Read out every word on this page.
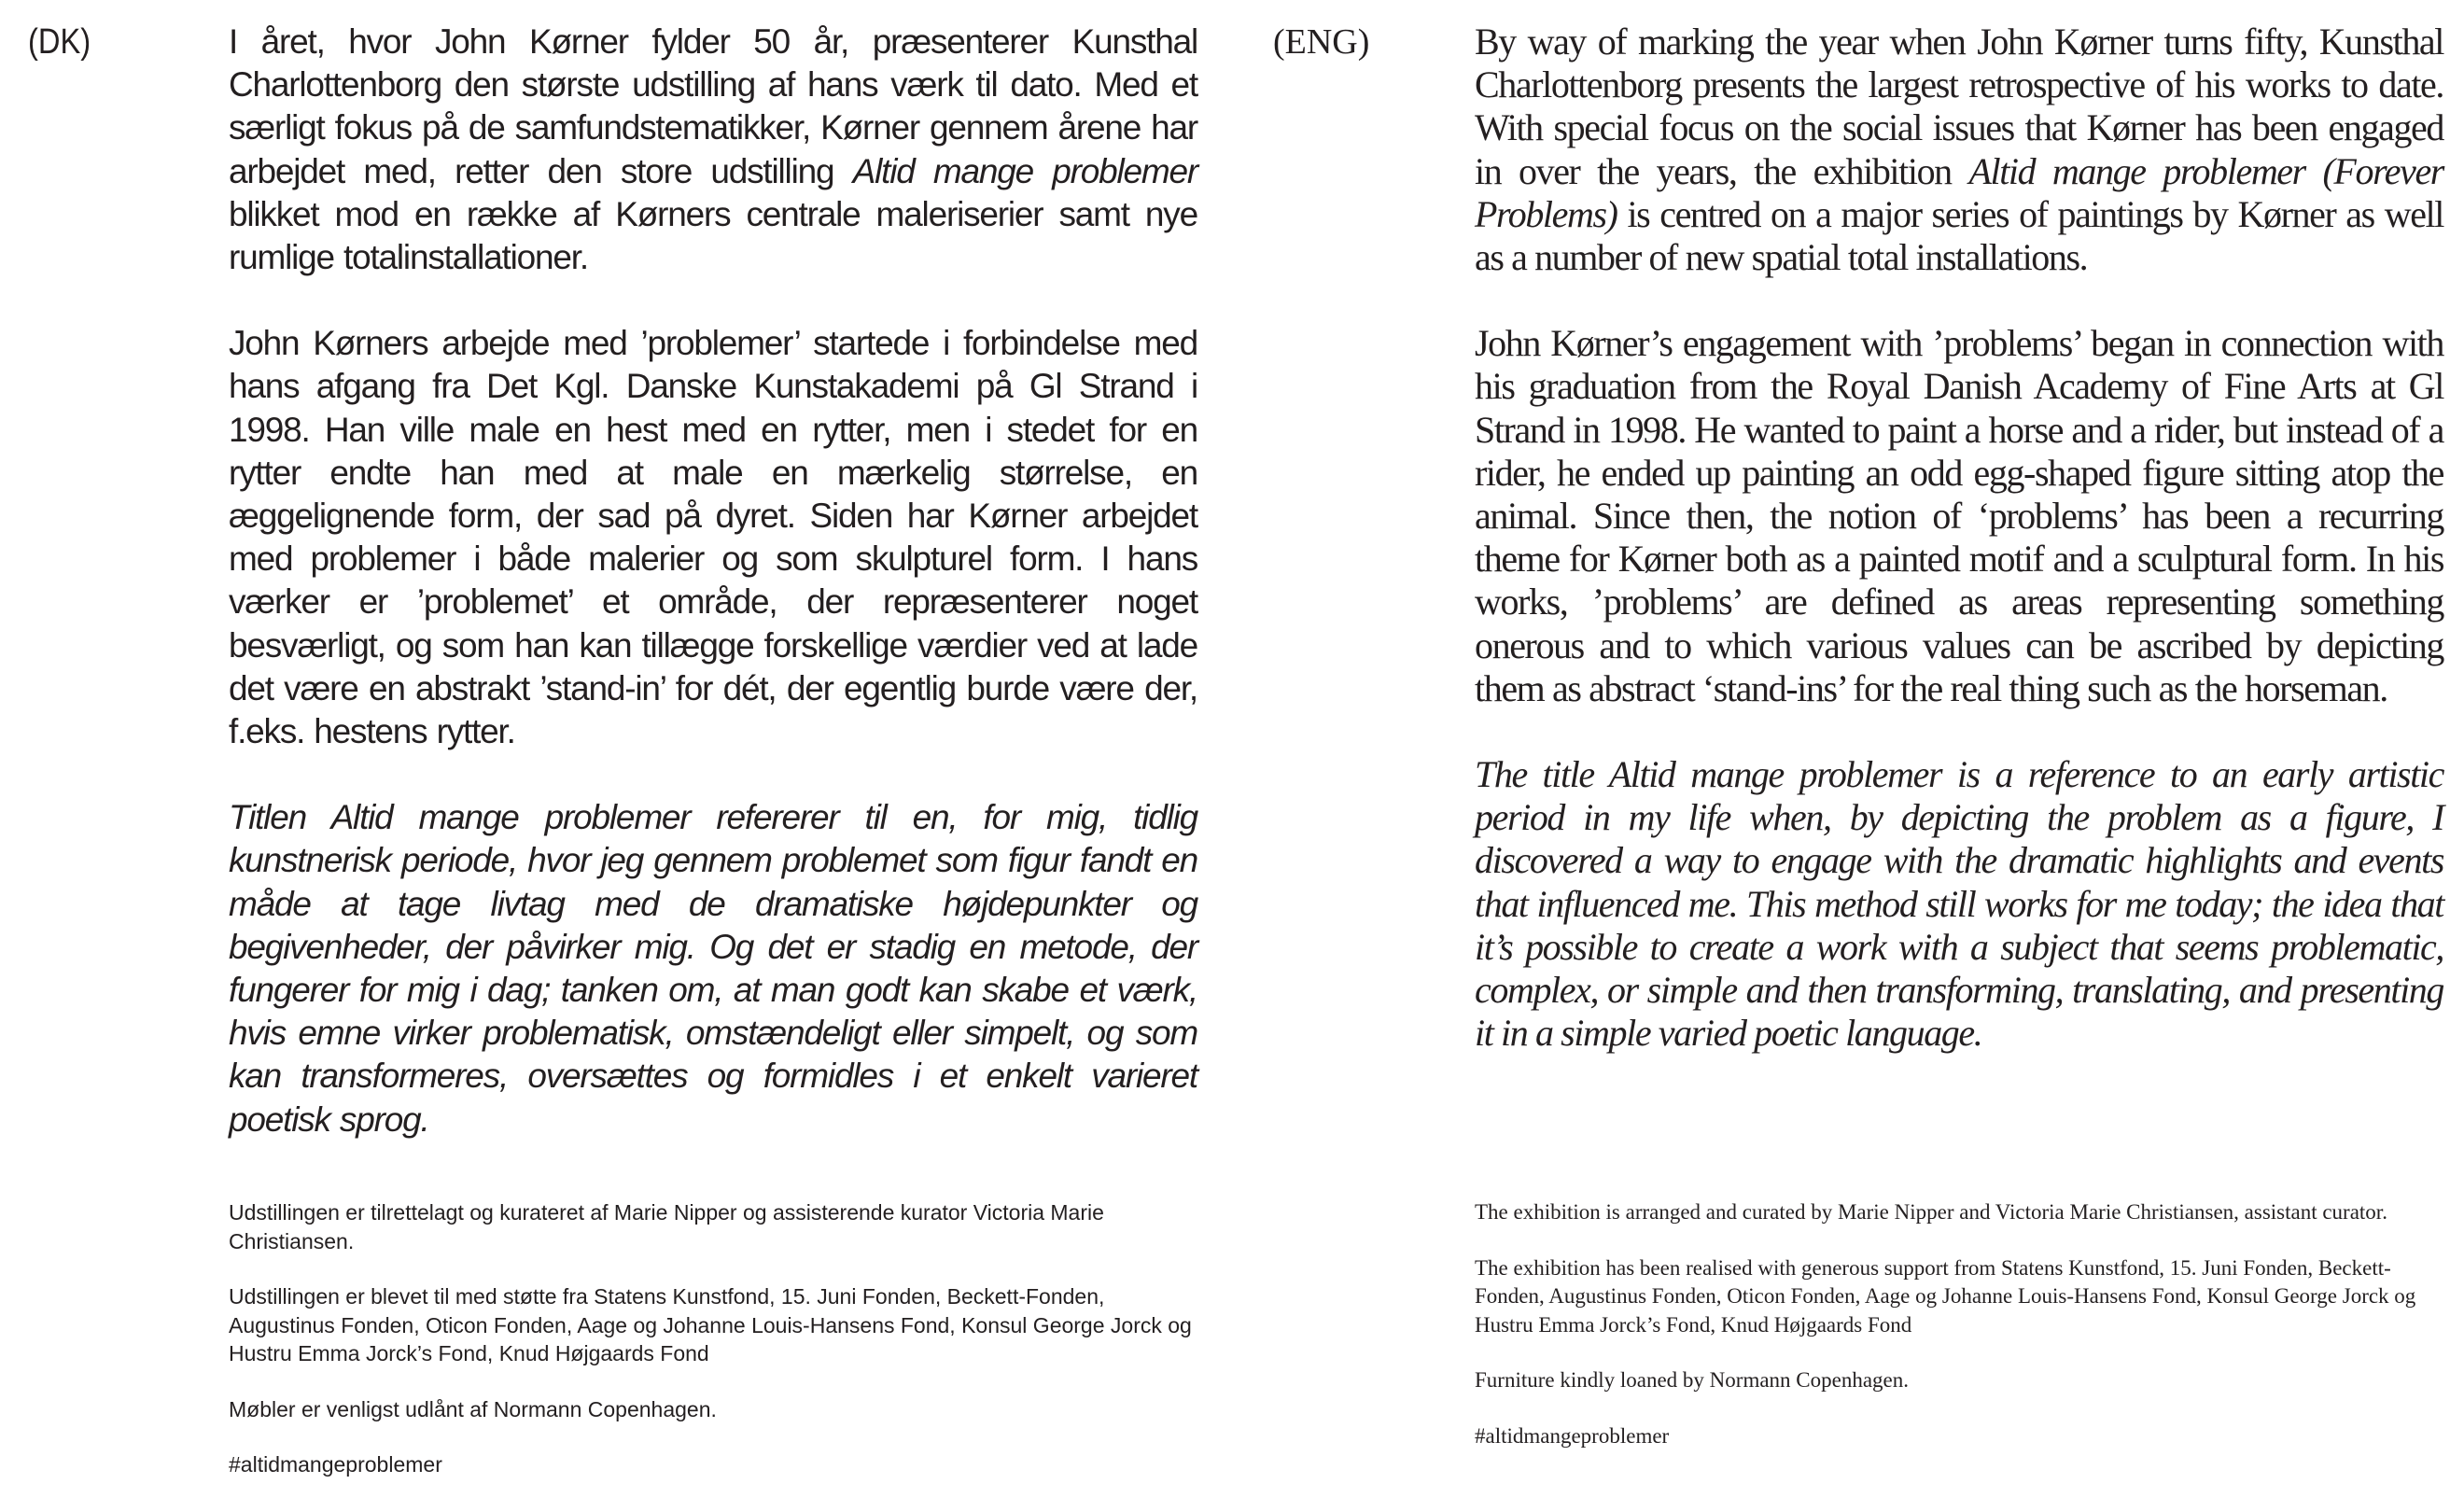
(DK)	I året, hvor John Kørner fylder 50 år, præsenterer Kunsthal Charlottenborg den største udstilling af hans værk til dato. Med et særligt fokus på de samfundstematikker, Kørner gennem årene har arbejdet med, retter den store udstilling Altid mange problemer blikket mod en række af Kørners centrale maleriserier samt nye rumlige totalinstallationer.

John Kørners arbejde med ’problemer’ startede i forbindelse med hans afgang fra Det Kgl. Danske Kunstakademi på Gl Strand i 1998. Han ville male en hest med en rytter, men i stedet for en rytter endte han med at male en mærkelig størrelse, en æggelignende form, der sad på dyret. Siden har Kørner arbejdet med problemer i både malerier og som skulpturel form. I hans værker er ’problemet’ et område, der repræsenterer noget besværligt, og som han kan tillægge forskellige værdier ved at lade det være en abstrakt ’stand-in’ for dét, der egentlig burde være der, f.eks. hestens rytter.

Titlen Altid mange problemer refererer til en, for mig, tidlig kunstnerisk periode, hvor jeg gennem problemet som figur fandt en måde at tage livtag med de dramatiske højdepunkter og begivenheder, der påvirker mig. Og det er stadig en metode, der fungerer for mig i dag; tanken om, at man godt kan skabe et værk, hvis emne virker problematisk, omstændeligt eller simpelt, og som kan transformeres, oversættes og formidles i et enkelt varieret poetisk sprog.

Udstillingen er tilrettelagt og kurateret af Marie Nipper og assisterende kurator Victoria Marie Christiansen.

Udstillingen er blevet til med støtte fra Statens Kunstfond, 15. Juni Fonden, Beckett-Fonden, Augustinus Fonden, Oticon Fonden, Aage og Johanne Louis-Hansens Fond, Konsul George Jorck og Hustru Emma Jorck’s Fond, Knud Højgaards Fond

Møbler er venligst udlånt af Normann Copenhagen.

#altidmangeproblemer

(ENG)	By way of marking the year when John Kørner turns fifty, Kunsthal Charlottenborg presents the largest retrospective of his works to date. With special focus on the social issues that Kørner has been engaged in over the years, the exhibition Altid mange problemer (Forever Problems) is centred on a major series of paintings by Kørner as well as a number of new spatial total installations.

John Kørner’s engagement with ’problems’ began in connection with his graduation from the Royal Danish Academy of Fine Arts at Gl Strand in 1998. He wanted to paint a horse and a rider, but instead of a rider, he ended up painting an odd egg-shaped figure sitting atop the animal. Since then, the notion of ‘problems’ has been a recurring theme for Kørner both as a painted motif and a sculptural form. In his works, ’problems’ are defined as areas representing something onerous and to which various values can be ascribed by depicting them as abstract ‘stand-ins’ for the real thing such as the horseman.

The title Altid mange problemer is a reference to an early artistic period in my life when, by depicting the problem as a figure, I discovered a way to engage with the dramatic highlights and events that influenced me. This method still works for me today; the idea that it’s possible to create a work with a subject that seems problematic, complex, or simple and then transforming, translating, and presenting it in a simple varied poetic language.

The exhibition is arranged and curated by Marie Nipper and Victoria Marie Christiansen, assistant curator.

The exhibition has been realised with generous support from Statens Kunstfond, 15. Juni Fonden, Beckett-Fonden, Augustinus Fonden, Oticon Fonden, Aage og Johanne Louis-Hansens Fond, Konsul George Jorck og Hustru Emma Jorck’s Fond, Knud Højgaards Fond

Furniture kindly loaned by Normann Copenhagen.

#altidmangeproblemer
